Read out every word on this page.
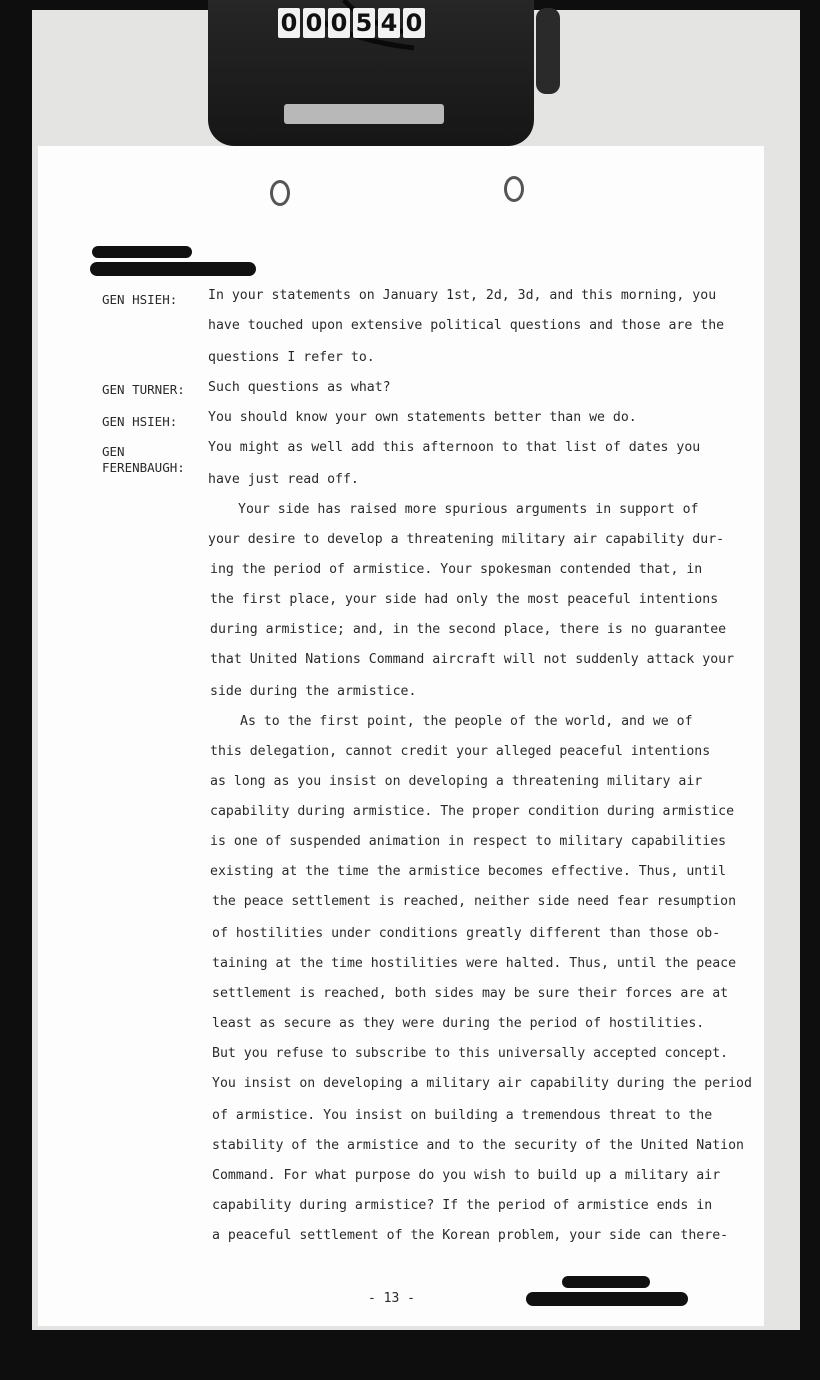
0 0 0 5 4 0

GEN HSIEH:

GEN TURNER:

GEN HSIEH:

GEN FERENBAUGH:

In your statements on January 1st, 2d, 3d, and this morning, you

have touched upon extensive political questions and those are the

questions I refer to.

Such questions as what?

You should know your own statements better than we do.

You might as well add this afternoon to that list of dates you

have just read off.

Your side has raised more spurious arguments in support of

your desire to develop a threatening military air capability dur-

ing the period of armistice. Your spokesman contended that, in

the first place, your side had only the most peaceful intentions

during armistice; and, in the second place, there is no guarantee

that United Nations Command aircraft will not suddenly attack your

side during the armistice.

As to the first point, the people of the world, and we of

this delegation, cannot credit your alleged peaceful intentions

as long as you insist on developing a threatening military air

capability during armistice. The proper condition during armistice

is one of suspended animation in respect to military capabilities

existing at the time the armistice becomes effective. Thus, until

the peace settlement is reached, neither side need fear resumption

of hostilities under conditions greatly different than those ob-

taining at the time hostilities were halted. Thus, until the peace

settlement is reached, both sides may be sure their forces are at

least as secure as they were during the period of hostilities.

But you refuse to subscribe to this universally accepted concept.

You insist on developing a military air capability during the period

of armistice. You insist on building a tremendous threat to the

stability of the armistice and to the security of the United Nation

Command. For what purpose do you wish to build up a military air

capability during armistice? If the period of armistice ends in

a peaceful settlement of the Korean problem, your side can there-

- 13 -
